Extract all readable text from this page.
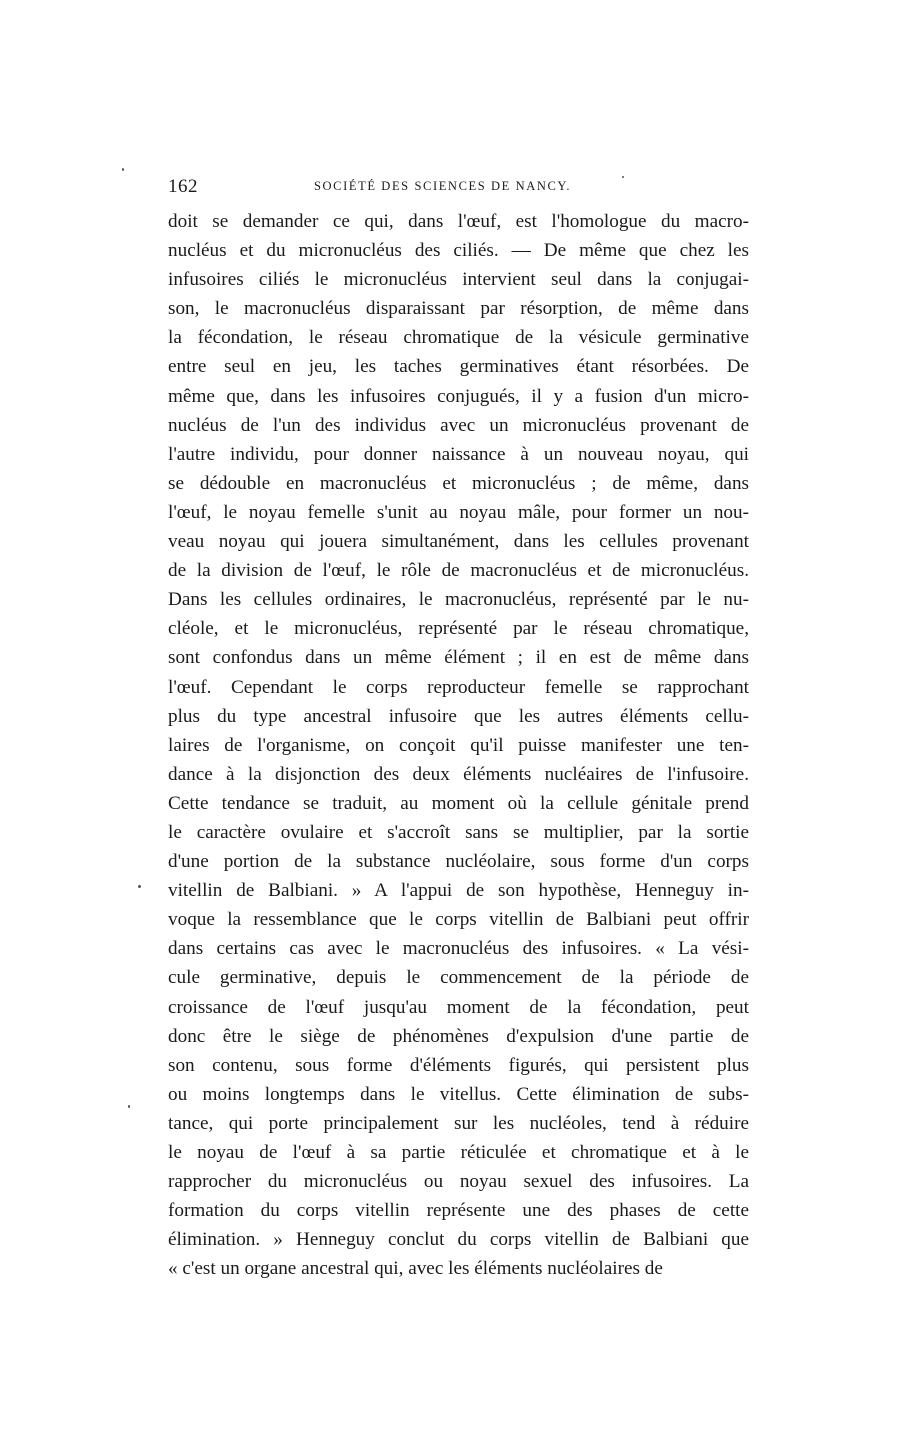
162	SOCIÉTÉ DES SCIENCES DE NANCY.
doit se demander ce qui, dans l'œuf, est l'homologue du macro-
nucléus et du micronucléus des ciliés. — De même que chez les
infusoires ciliés le micronucléus intervient seul dans la conjugai-
son, le macronucléus disparaissant par résorption, de même dans
la fécondation, le réseau chromatique de la vésicule germinative
entre seul en jeu, les taches germinatives étant résorbées. De
même que, dans les infusoires conjugués, il y a fusion d'un micro-
nucléus de l'un des individus avec un micronucléus provenant de
l'autre individu, pour donner naissance à un nouveau noyau, qui
se dédouble en macronucléus et micronucléus ; de même, dans
l'œuf, le noyau femelle s'unit au noyau mâle, pour former un nou-
veau noyau qui jouera simultanément, dans les cellules provenant
de la division de l'œuf, le rôle de macronucléus et de micronucléus.
Dans les cellules ordinaires, le macronucléus, représenté par le nu-
cléole, et le micronucléus, représenté par le réseau chromatique,
sont confondus dans un même élément ; il en est de même dans
l'œuf. Cependant le corps reproducteur femelle se rapprochant
plus du type ancestral infusoire que les autres éléments cellu-
laires de l'organisme, on conçoit qu'il puisse manifester une ten-
dance à la disjonction des deux éléments nucléaires de l'infusoire.
Cette tendance se traduit, au moment où la cellule génitale prend
le caractère ovulaire et s'accroît sans se multiplier, par la sortie
d'une portion de la substance nucléolaire, sous forme d'un corps
vitellin de Balbiani. » A l'appui de son hypothèse, Henneguy in-
voque la ressemblance que le corps vitellin de Balbiani peut offrir
dans certains cas avec le macronucléus des infusoires. « La vési-
cule germinative, depuis le commencement de la période de
croissance de l'œuf jusqu'au moment de la fécondation, peut
donc être le siège de phénomènes d'expulsion d'une partie de
son contenu, sous forme d'éléments figurés, qui persistent plus
ou moins longtemps dans le vitellus. Cette élimination de subs-
tance, qui porte principalement sur les nucléoles, tend à réduire
le noyau de l'œuf à sa partie réticulée et chromatique et à le
rapprocher du micronucléus ou noyau sexuel des infusoires. La
formation du corps vitellin représente une des phases de cette
élimination. » Henneguy conclut du corps vitellin de Balbiani que
« c'est un organe ancestral qui, avec les éléments nucléolaires de
